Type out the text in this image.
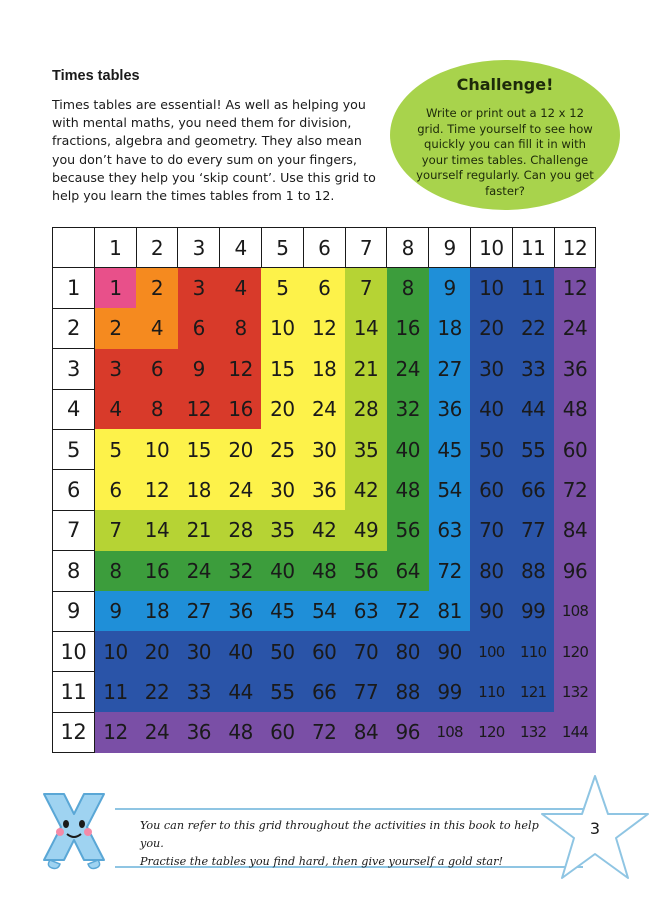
Times tables

Times tables are essential! As well as helping you with mental maths, you need them for division, fractions, algebra and geometry. They also mean you don’t have to do every sum on your fingers, because they help you ‘skip count’. Use this grid to help you learn the times tables from 1 to 12.

Challenge!
Write or print out a 12 x 12 grid. Time yourself to see how quickly you can fill it in with your times tables. Challenge yourself regularly. Can you get faster?
	1	2	3	4	5	6	7	8	9	10	11	12
1	1	2	3	4	5	6	7	8	9	10	11	12
2	2	4	6	8	10	12	14	16	18	20	22	24
3	3	6	9	12	15	18	21	24	27	30	33	36
4	4	8	12	16	20	24	28	32	36	40	44	48
5	5	10	15	20	25	30	35	40	45	50	55	60
6	6	12	18	24	30	36	42	48	54	60	66	72
7	7	14	21	28	35	42	49	56	63	70	77	84
8	8	16	24	32	40	48	56	64	72	80	88	96
9	9	18	27	36	45	54	63	72	81	90	99	108
10	10	20	30	40	50	60	70	80	90	100	110	120
11	11	22	33	44	55	66	77	88	99	110	121	132
12	12	24	36	48	60	72	84	96	108	120	132	144
You can refer to this grid throughout the activities in this book to help you.
Practise the tables you find hard, then give yourself a gold star!
3
